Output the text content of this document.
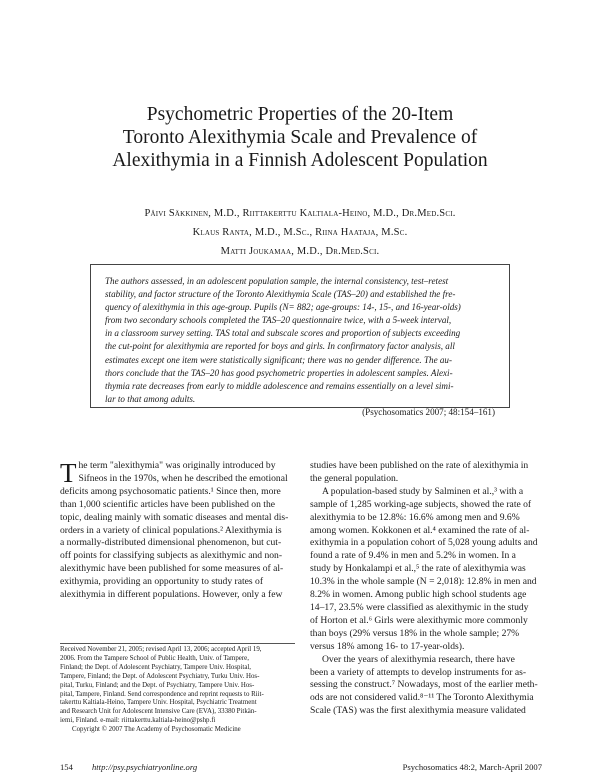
Psychometric Properties of the 20-Item
Toronto Alexithymia Scale and Prevalence of
Alexithymia in a Finnish Adolescent Population
Päivi Säkkinen, M.D., Riittakerttu Kaltiala-Heino, M.D., Dr.Med.Sci.
Klaus Ranta, M.D., M.Sc., Riina Haataja, M.Sc.
Matti Joukamaa, M.D., Dr.Med.Sci.
The authors assessed, in an adolescent population sample, the internal consistency, test–retest
stability, and factor structure of the Toronto Alexithymia Scale (TAS–20) and established the fre-
quency of alexithymia in this age-group. Pupils (N= 882; age-groups: 14-, 15-, and 16-year-olds)
from two secondary schools completed the TAS–20 questionnaire twice, with a 5-week interval,
in a classroom survey setting. TAS total and subscale scores and proportion of subjects exceeding
the cut-point for alexithymia are reported for boys and girls. In confirmatory factor analysis, all
estimates except one item were statistically significant; there was no gender difference. The au-
thors conclude that the TAS–20 has good psychometric properties in adolescent samples. Alexi-
thymia rate decreases from early to middle adolescence and remains essentially on a level simi-
lar to that among adults.
(Psychosomatics 2007; 48:154–161)
T he term "alexithymia" was originally introduced by
Sifneos in the 1970s, when he described the emotional
deficits among psychosomatic patients.¹ Since then, more
than 1,000 scientific articles have been published on the
topic, dealing mainly with somatic diseases and mental dis-
orders in a variety of clinical populations.² Alexithymia is
a normally-distributed dimensional phenomenon, but cut-
off points for classifying subjects as alexithymic and non-
alexithymic have been published for some measures of al-
exithymia, providing an opportunity to study rates of
alexithymia in different populations. However, only a few
Received November 21, 2005; revised April 13, 2006; accepted April 19,
2006. From the Tampere School of Public Health, Univ. of Tampere,
Finland; the Dept. of Adolescent Psychiatry, Tampere Univ. Hospital,
Tampere, Finland; the Dept. of Adolescent Psychiatry, Turku Univ. Hos-
pital, Turku, Finland; and the Dept. of Psychiatry, Tampere Univ. Hos-
pital, Tampere, Finland. Send correspondence and reprint requests to Riit-
takerttu Kaltiala-Heino, Tampere Univ. Hospital, Psychiatric Treatment
and Research Unit for Adolescent Intensive Care (EVA), 33380 Pitkän-
iemi, Finland. e-mail: riittakerttu.kaltiala-heino@pshp.fi
Copyright © 2007 The Academy of Psychosomatic Medicine
studies have been published on the rate of alexithymia in
the general population.
A population-based study by Salminen et al.,³ with a
sample of 1,285 working-age subjects, showed the rate of
alexithymia to be 12.8%: 16.6% among men and 9.6%
among women. Kokkonen et al.⁴ examined the rate of al-
exithymia in a population cohort of 5,028 young adults and
found a rate of 9.4% in men and 5.2% in women. In a
study by Honkalampi et al.,⁵ the rate of alexithymia was
10.3% in the whole sample (N = 2,018): 12.8% in men and
8.2% in women. Among public high school students age
14–17, 23.5% were classified as alexithymic in the study
of Horton et al.⁶ Girls were alexithymic more commonly
than boys (29% versus 18% in the whole sample; 27%
versus 18% among 16- to 17-year-olds).
Over the years of alexithymia research, there have
been a variety of attempts to develop instruments for as-
sessing the construct.⁷ Nowadays, most of the earlier meth-
ods are not considered valid.⁸⁻¹¹ The Toronto Alexithymia
Scale (TAS) was the first alexithymia measure validated
154 http://psy.psychiatryonline.org	Psychosomatics 48:2, March-April 2007
